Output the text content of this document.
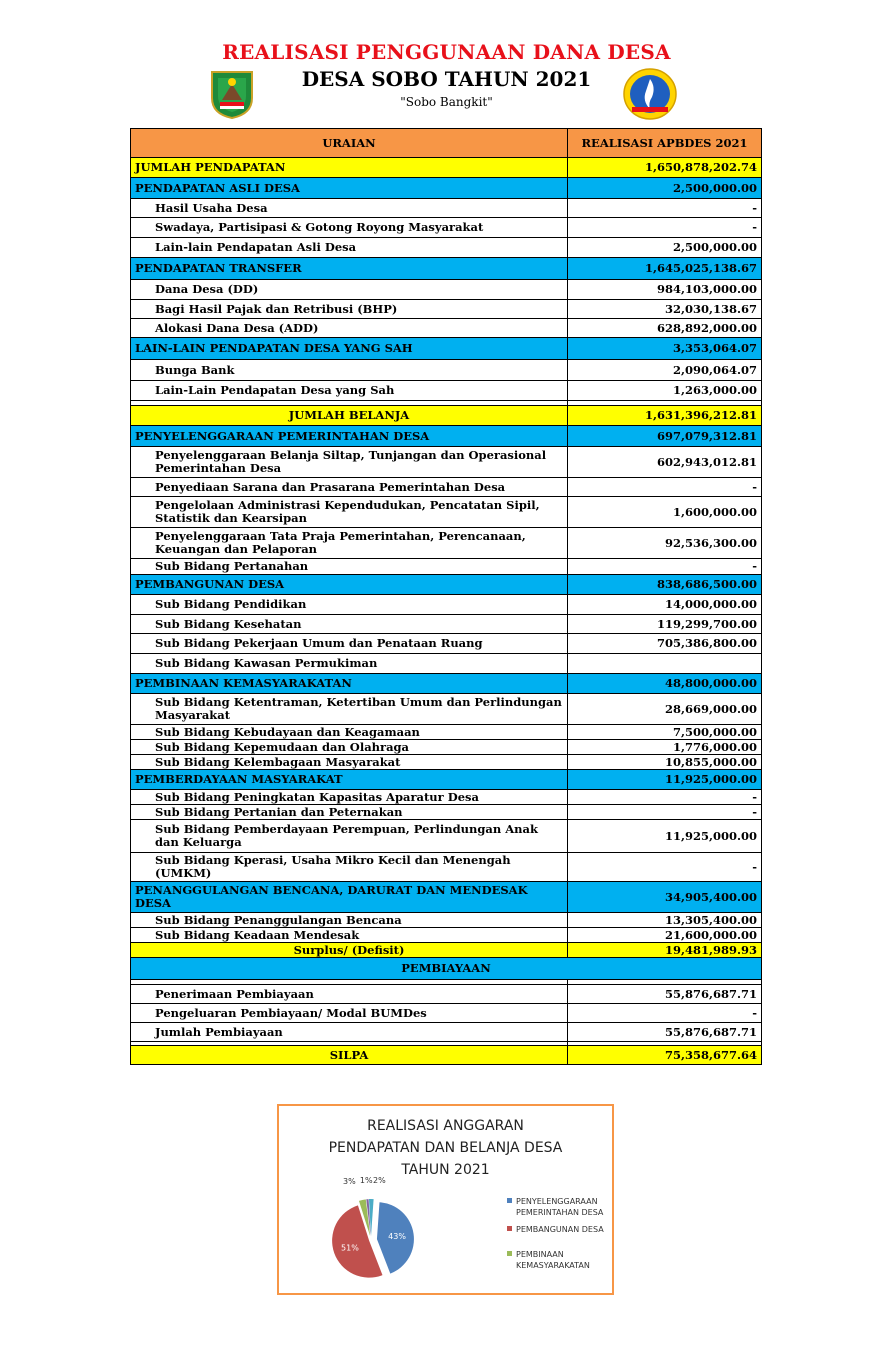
REALISASI PENGGUNAAN DANA DESA
DESA SOBO TAHUN 2021
"Sobo Bangkit"
URAIAN	REALISASI APBDES 2021
JUMLAH PENDAPATAN	1,650,878,202.74
PENDAPATAN ASLI DESA	2,500,000.00
Hasil Usaha Desa	-
Swadaya, Partisipasi & Gotong Royong Masyarakat	-
Lain-lain Pendapatan Asli Desa	2,500,000.00
PENDAPATAN TRANSFER	1,645,025,138.67
Dana Desa (DD)	984,103,000.00
Bagi Hasil Pajak dan Retribusi (BHP)	32,030,138.67
Alokasi Dana Desa (ADD)	628,892,000.00
LAIN-LAIN PENDAPATAN DESA YANG SAH	3,353,064.07
Bunga Bank	2,090,064.07
Lain-Lain Pendapatan Desa yang Sah	1,263,000.00

JUMLAH BELANJA	1,631,396,212.81
PENYELENGGARAAN PEMERINTAHAN DESA	697,079,312.81
Penyelenggaraan Belanja Siltap, Tunjangan dan Operasional Pemerintahan Desa	602,943,012.81
Penyediaan Sarana dan Prasarana Pemerintahan Desa	-
Pengelolaan Administrasi Kependudukan, Pencatatan Sipil, Statistik dan Kearsipan	1,600,000.00
Penyelenggaraan Tata Praja Pemerintahan, Perencanaan, Keuangan dan Pelaporan	92,536,300.00
Sub Bidang Pertanahan	-
PEMBANGUNAN DESA	838,686,500.00
Sub Bidang Pendidikan	14,000,000.00
Sub Bidang Kesehatan	119,299,700.00
Sub Bidang Pekerjaan Umum dan Penataan Ruang	705,386,800.00
Sub Bidang Kawasan Permukiman	
PEMBINAAN KEMASYARAKATAN	48,800,000.00
Sub Bidang Ketentraman, Ketertiban Umum dan Perlindungan Masyarakat	28,669,000.00
Sub Bidang Kebudayaan dan Keagamaan	7,500,000.00
Sub Bidang Kepemudaan dan Olahraga	1,776,000.00
Sub Bidang Kelembagaan Masyarakat	10,855,000.00
PEMBERDAYAAN MASYARAKAT	11,925,000.00
Sub Bidang Peningkatan Kapasitas Aparatur Desa	-
Sub Bidang Pertanian dan Peternakan	-
Sub Bidang Pemberdayaan Perempuan, Perlindungan Anak dan Keluarga	11,925,000.00
Sub Bidang Kperasi, Usaha Mikro Kecil dan Menengah (UMKM)	-
PENANGGULANGAN BENCANA, DARURAT DAN MENDESAK DESA	34,905,400.00
Sub Bidang Penanggulangan Bencana	13,305,400.00
Sub Bidang Keadaan Mendesak	21,600,000.00
Surplus/ (Defisit)	19,481,989.93
PEMBIAYAAN	

Penerimaan Pembiayaan	55,876,687.71
Pengeluaran Pembiayaan/ Modal BUMDes	-
Jumlah Pembiayaan	55,876,687.71

SILPA	75,358,677.64
REALISASI ANGGARAN
PENDAPATAN DAN BELANJA DESA
TAHUN 2021
43%
51%
3% 1% 2%
PENYELENGGARAAN
PEMERINTAHAN DESA
PEMBANGUNAN DESA
PEMBINAAN
KEMASYARAKATAN
